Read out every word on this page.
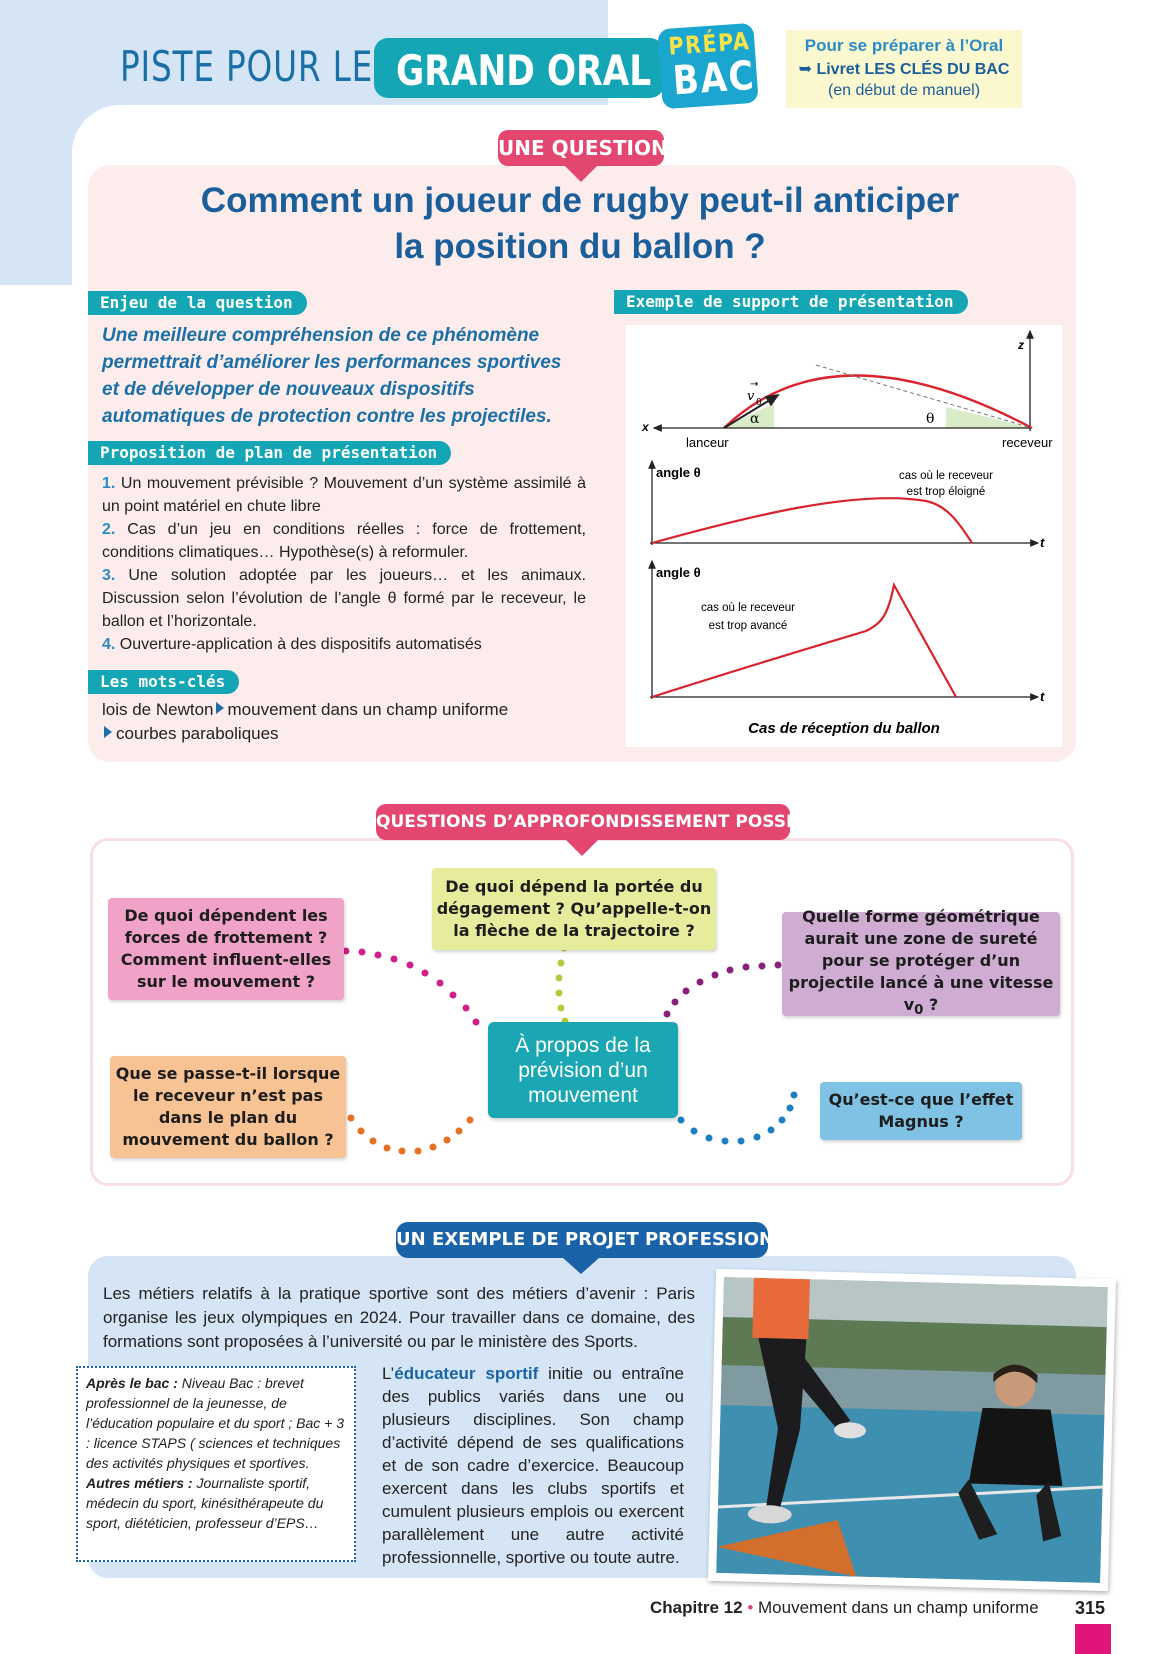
PISTE POUR LE GRAND ORAL
PRÉPA
BAC
Pour se préparer à l’Oral
➥ Livret LES CLÉS DU BAC
(en début de manuel)
UNE QUESTION
Comment un joueur de rugby peut-il anticiper
la position du ballon ?
Enjeu de la question
Une meilleure compréhension de ce phénomène permettrait d’améliorer les performances sportives et de développer de nouveaux dispositifs automatiques de protection contre les projectiles.
Proposition de plan de présentation
1. Un mouvement prévisible ? Mouvement d’un système assimilé à un point matériel en chute libre
2. Cas d’un jeu en conditions réelles : force de frottement, conditions climatiques… Hypothèse(s) à reformuler.
3. Une solution adoptée par les joueurs… et les animaux. Discussion selon l’évolution de l’angle θ formé par le receveur, le ballon et l’horizontale.
4. Ouverture-application à des dispositifs automatisés
Les mots-clés
lois de Newton mouvement dans un champ uniforme
courbes paraboliques
Exemple de support de présentation
x
z
v 0
→
α	θ
lanceur	receveur
angle θ
t
cas où le receveur
est trop éloigné
angle θ
t
cas où le receveur
est trop avancé
Cas de réception du ballon
QUESTIONS D’APPROFONDISSEMENT POSSIBLES
De quoi dépendent les forces de frottement ? Comment influent-elles sur le mouvement ?
De quoi dépend la portée du dégagement ? Qu’appelle-t-on la flèche de la trajectoire ?
Quelle forme géométrique aurait une zone de sureté pour se protéger d’un projectile lancé à une vitesse $v_0$ ?
Que se passe-t-il lorsque le receveur n’est pas dans le plan du mouvement du ballon ?
Qu’est-ce que l’effet Magnus ?
À propos de la prévision d’un mouvement
UN EXEMPLE DE PROJET PROFESSIONNEL
Les métiers relatifs à la pratique sportive sont des métiers d’avenir : Paris organise les jeux olympiques en 2024. Pour travailler dans ce domaine, des formations sont proposées à l’université ou par le ministère des Sports.
Après le bac : Niveau Bac : brevet professionnel de la jeunesse, de l’éducation populaire et du sport ; Bac + 3 : licence STAPS ( sciences et techniques des activités physiques et sportives.
Autres métiers : Journaliste sportif, médecin du sport, kinésithérapeute du sport, diététicien, professeur d’EPS…
L’éducateur sportif initie ou entraîne des publics variés dans une ou plusieurs disciplines. Son champ d’activité dépend de ses qualifications et de son cadre d’exercice. Beaucoup exercent dans les clubs sportifs et cumulent plusieurs emplois ou exercent parallèlement une autre activité professionnelle, sportive ou toute autre.
Chapitre 12 • Mouvement dans un champ uniforme 315
